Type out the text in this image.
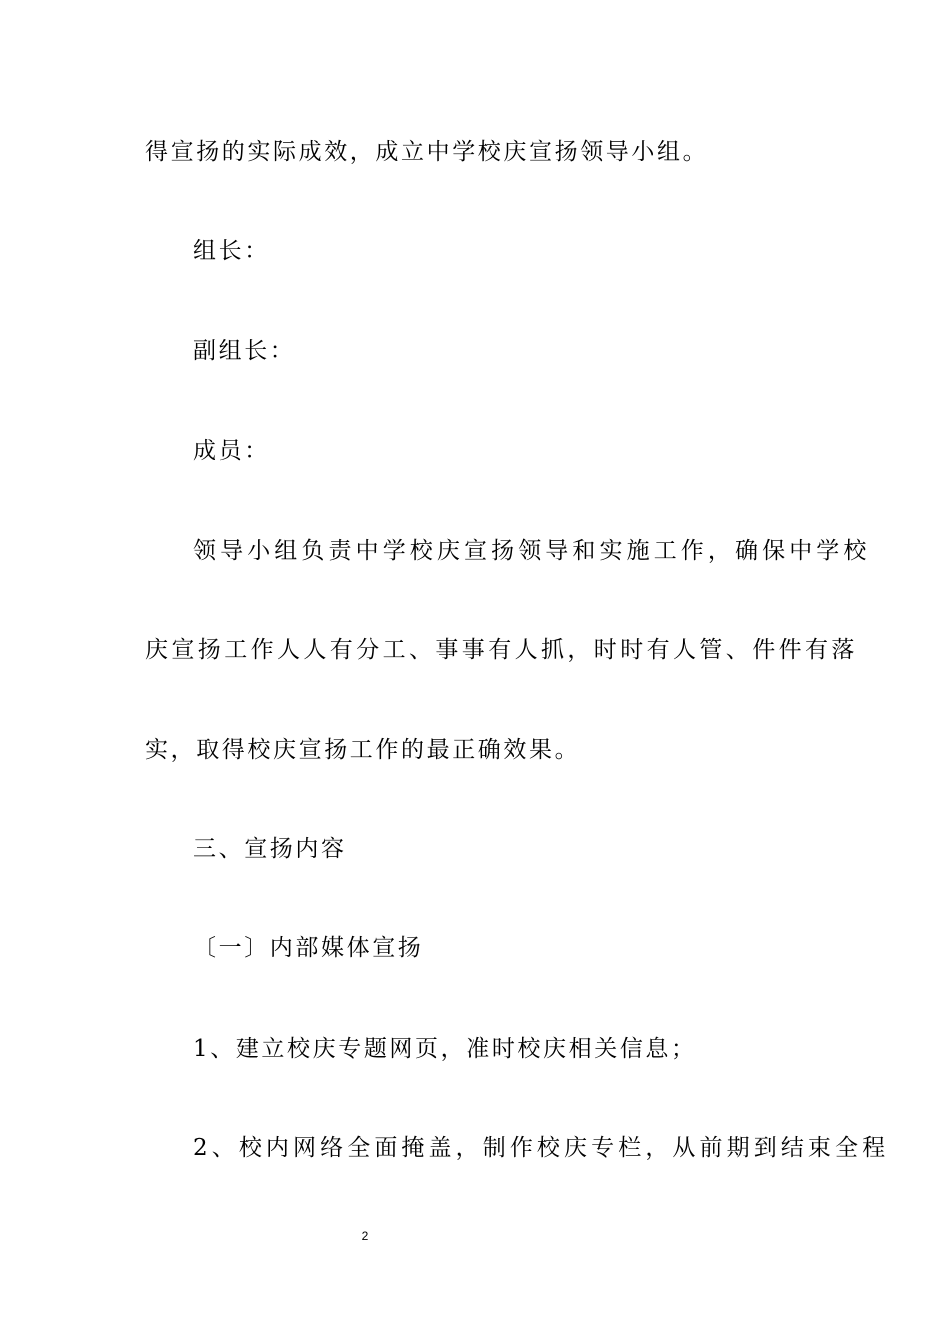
得宣扬的实际成效，成立中学校庆宣扬领导小组。
组长：
副组长：
成员：
领导小组负责中学校庆宣扬领导和实施工作，确保中学校
庆宣扬工作人人有分工、事事有人抓，时时有人管、件件有落
实，取得校庆宣扬工作的最正确效果。
三、宣扬内容
〔一〕内部媒体宣扬
1、建立校庆专题网页，准时校庆相关信息；
2、校内网络全面掩盖，制作校庆专栏，从前期到结束全程
2
